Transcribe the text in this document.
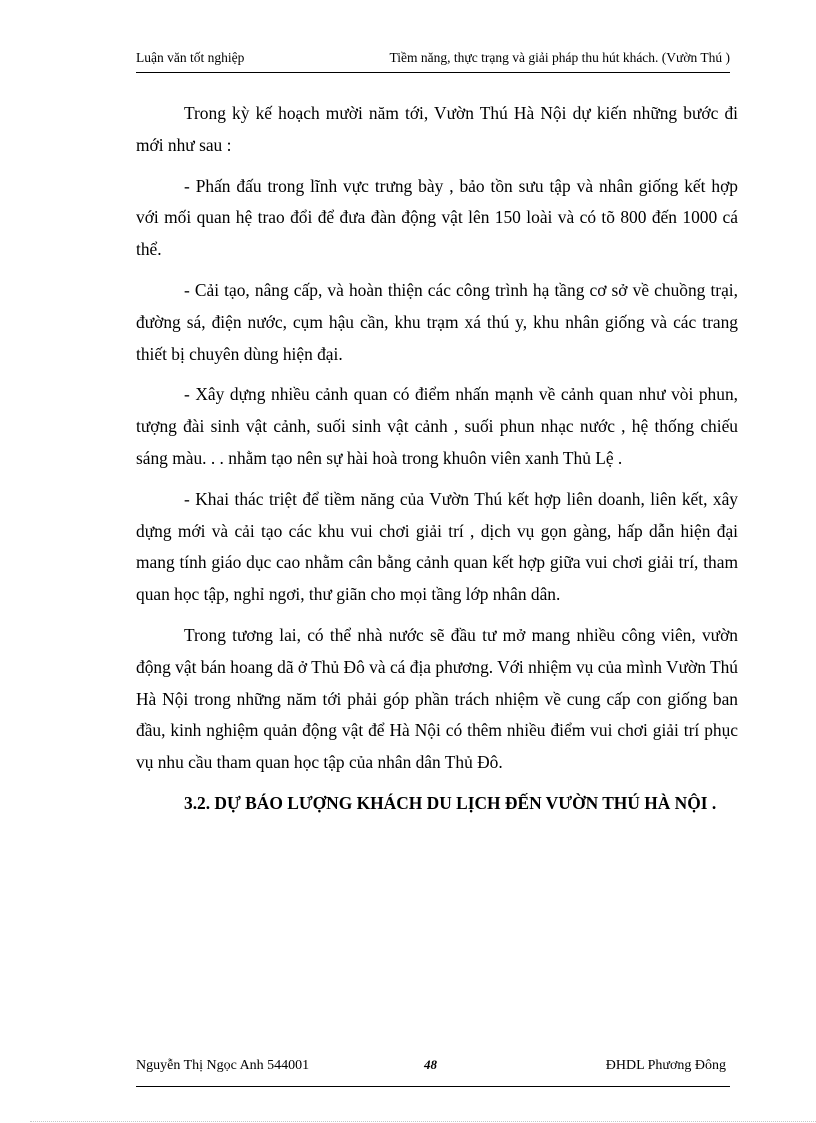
Luận văn tốt nghiệp	Tiềm năng, thực trạng và giải pháp thu hút khách. (Vườn Thú )

Trong kỳ kế hoạch mười năm tới, Vườn Thú Hà Nội dự kiến những bước đi mới như sau :

- Phấn đấu trong lĩnh vực trưng bày , bảo tồn sưu tập và nhân giống kết hợp với mối quan hệ trao đổi để đưa đàn động vật lên 150 loài và có tõ 800 đến 1000 cá thể.

- Cải tạo, nâng cấp, và hoàn thiện các công trình hạ tầng cơ sở về chuồng trại, đường sá, điện nước, cụm hậu cần, khu trạm xá thú y, khu nhân giống và các trang thiết bị chuyên dùng hiện đại.

- Xây dựng nhiều cảnh quan có điểm nhấn mạnh về cảnh quan như vòi phun, tượng đài sinh vật cảnh, suối sinh vật cảnh , suối phun nhạc nước , hệ thống chiếu sáng màu. . . nhằm tạo nên sự hài hoà trong khuôn viên xanh Thủ Lệ .

- Khai thác triệt để tiềm năng của Vườn Thú kết hợp liên doanh, liên kết, xây dựng mới và cải tạo các khu vui chơi giải trí , dịch vụ gọn gàng, hấp dẫn hiện đại mang tính giáo dục cao nhằm cân bằng cảnh quan kết hợp giữa vui chơi giải trí, tham quan học tập, nghỉ ngơi, thư giãn cho mọi tầng lớp nhân dân.

Trong tương lai, có thể nhà nước sẽ đầu tư mở mang nhiều công viên, vườn động vật bán hoang dã ở Thủ Đô và cá địa phương. Với nhiệm vụ của mình Vườn Thú Hà Nội trong những năm tới phải góp phần trách nhiệm về cung cấp con giống ban đầu, kinh nghiệm quản động vật để Hà Nội có thêm nhiều điểm vui chơi giải trí phục vụ nhu cầu tham quan học tập của nhân dân Thủ Đô.

3.2. DỰ BÁO LƯỢNG KHÁCH DU LỊCH ĐẾN VƯỜN THÚ HÀ NỘI .
Nguyễn Thị Ngọc Anh 544001	48	ĐHDL Phương Đông
